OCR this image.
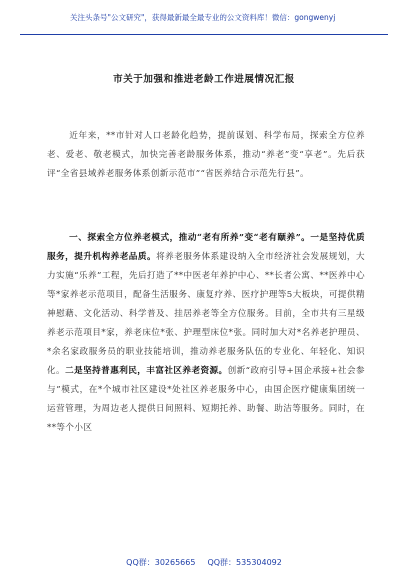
关注头条号"公文研究"，获得最新最全最专业的公文资料库！微信：gongwenyj
市关于加强和推进老龄工作进展情况汇报
近年来，**市针对人口老龄化趋势，提前谋划、科学布局，探索全方位养老、爱老、敬老模式，加快完善老龄服务体系，推动“养老”变“享老”。先后获评“全省县域养老服务体系创新示范市”“省医养结合示范先行县”。
一、探索全方位养老模式，推动“老有所养”变“老有颐养”。一是坚持优质服务，提升机构养老品质。将养老服务体系建设纳入全市经济社会发展规划，大力实施“乐养”工程，先后打造了**中医老年养护中心、**长者公寓、**医养中心等*家养老示范项目，配备生活服务、康复疗养、医疗护理等5大板块，可提供精神慰藉、文化活动、科学普及、挂居养老等全方位服务。目前，全市共有三星级养老示范项目*家，养老床位*张、护理型床位*张。同时加大对*名养老护理员、*余名家政服务员的职业技能培训，推动养老服务队伍的专业化、年轻化、知识化。二是坚持普惠利民，丰富社区养老资源。创新“政府引导+国企承接+社会参与”模式，在*个城市社区建设*处社区养老服务中心，由国企医疗健康集团统一运营管理，为周边老人提供日间照料、短期托养、助餐、助洁等服务。同时，在**等个小区
QQ群：30265665 QQ群：535304092
